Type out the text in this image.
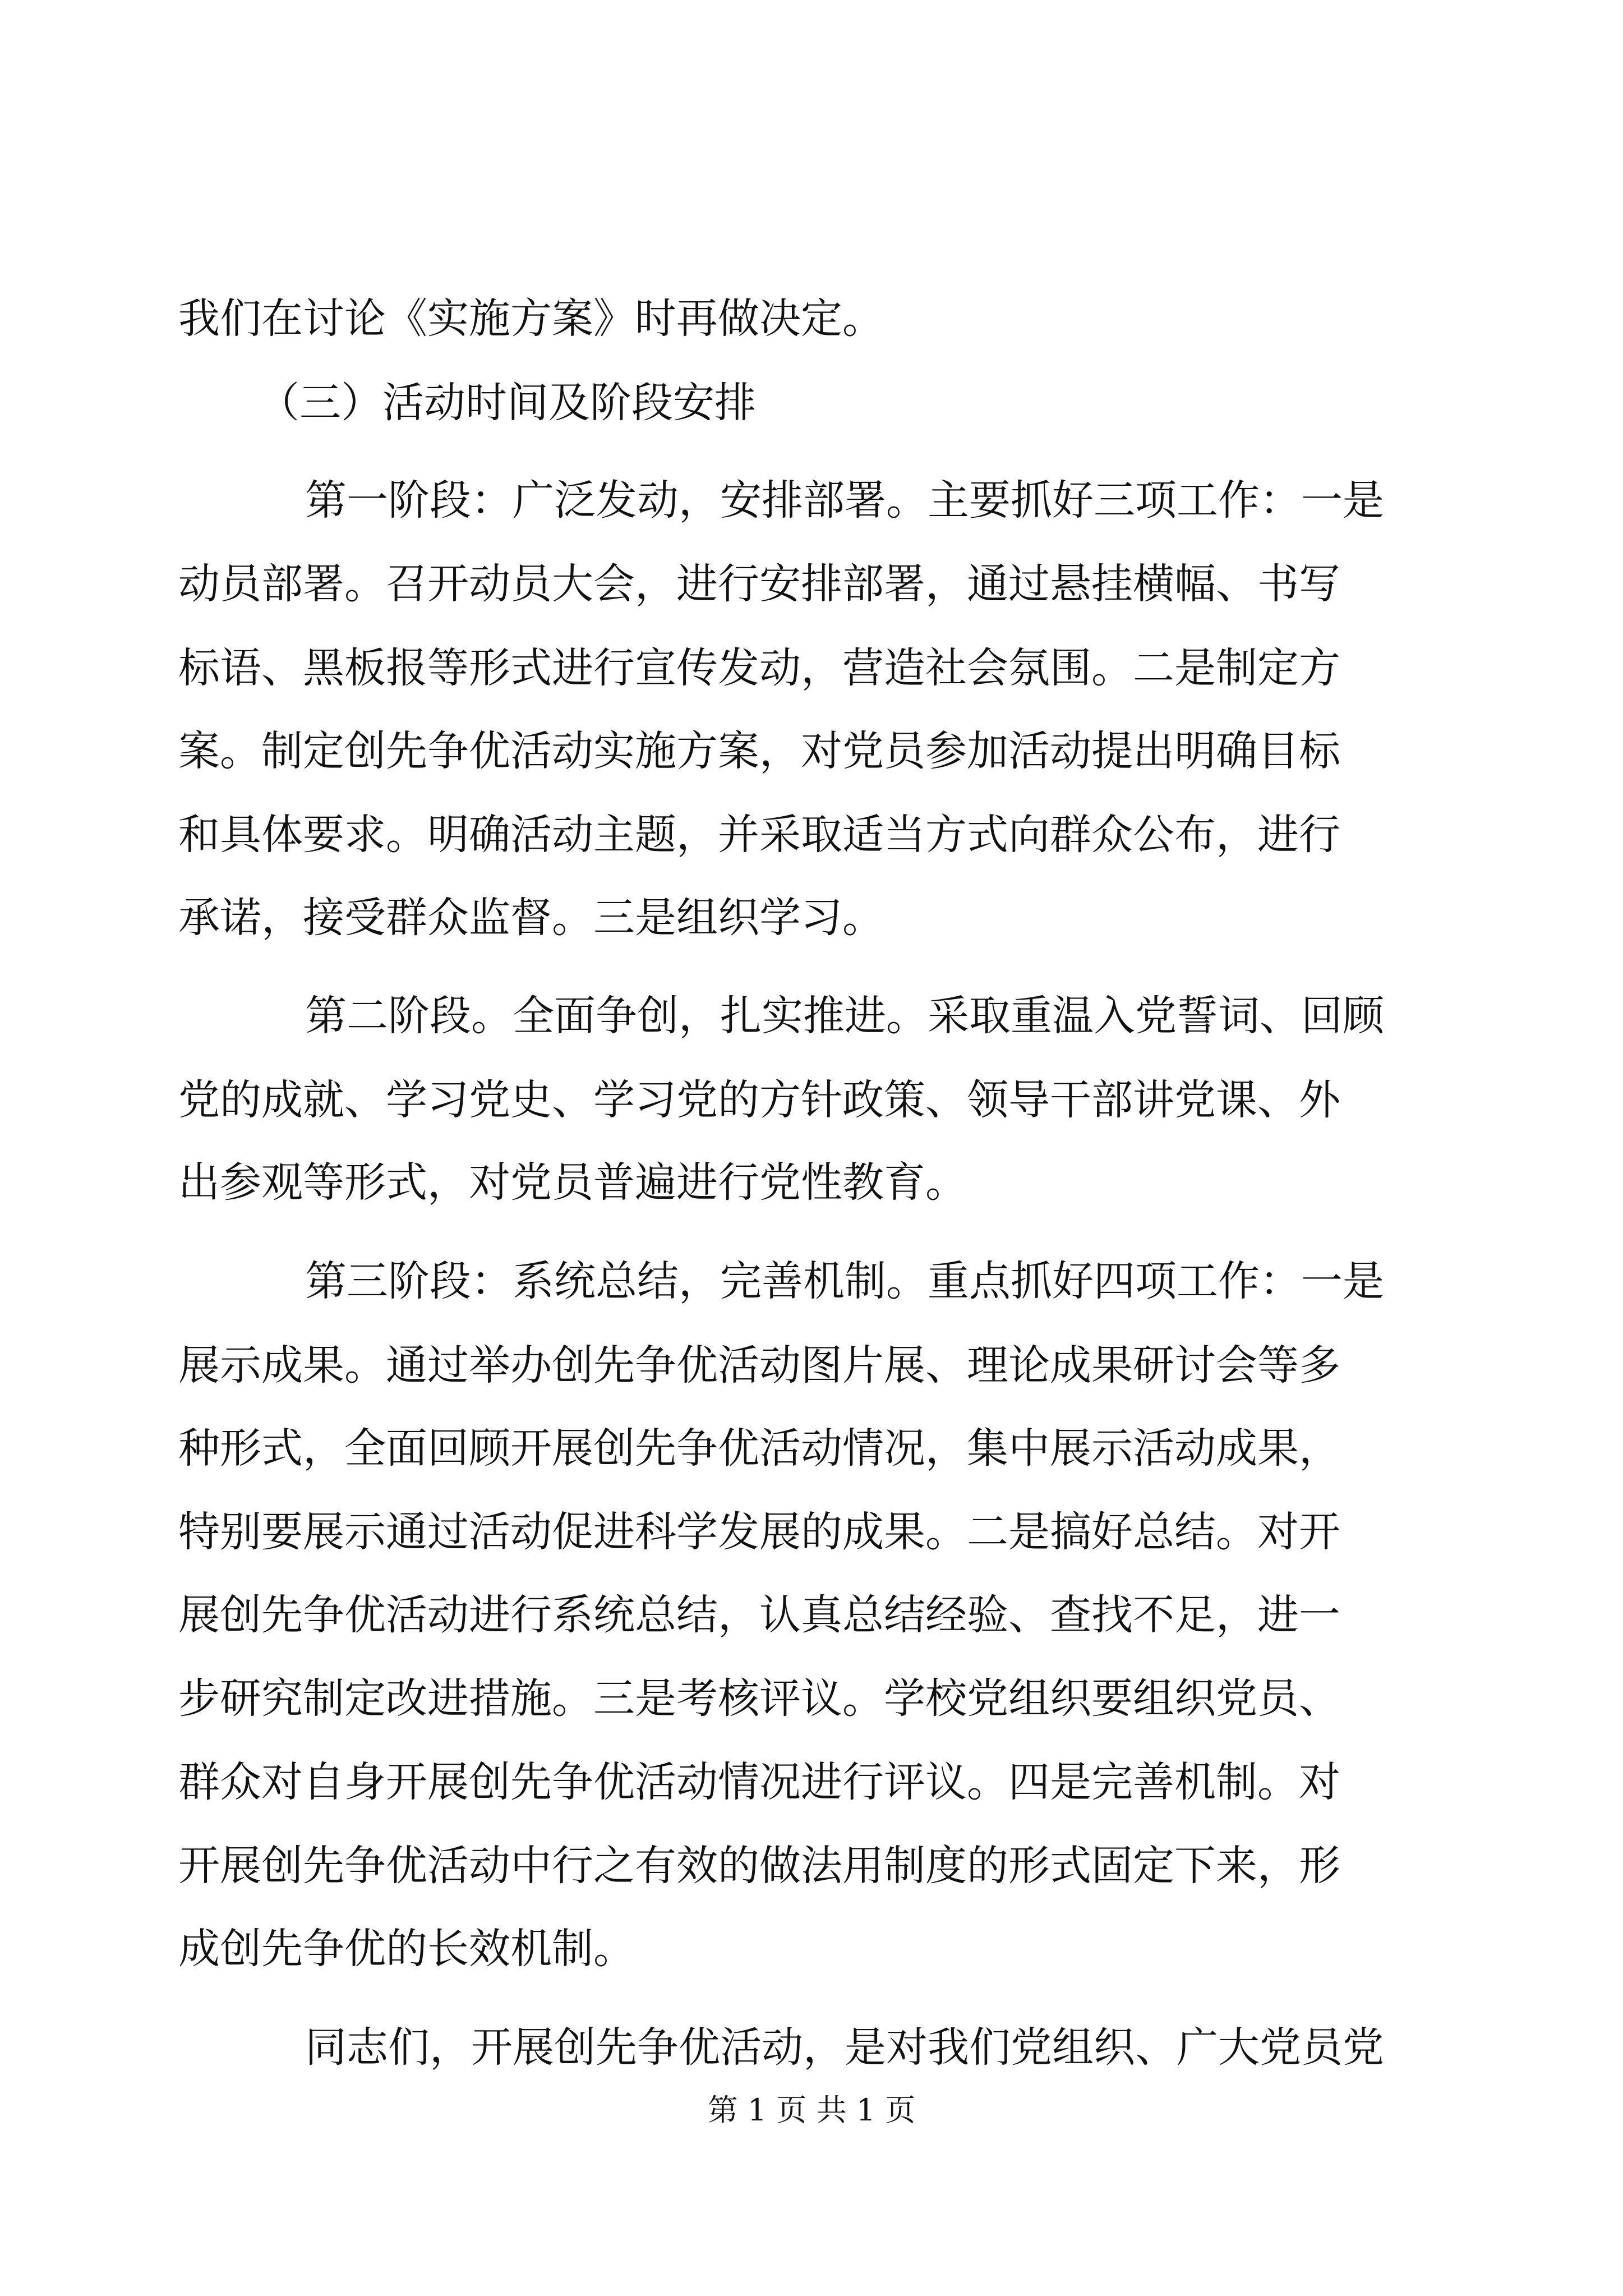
我们在讨论《实施方案》时再做决定。
（三）活动时间及阶段安排
第一阶段：广泛发动，安排部署。主要抓好三项工作：一是
动员部署。召开动员大会，进行安排部署，通过悬挂横幅、书写
标语、黑板报等形式进行宣传发动，营造社会氛围。二是制定方
案。制定创先争优活动实施方案，对党员参加活动提出明确目标
和具体要求。明确活动主题，并采取适当方式向群众公布，进行
承诺，接受群众监督。三是组织学习。
第二阶段。全面争创，扎实推进。采取重温入党誓词、回顾
党的成就、学习党史、学习党的方针政策、领导干部讲党课、外
出参观等形式，对党员普遍进行党性教育。
第三阶段：系统总结，完善机制。重点抓好四项工作：一是
展示成果。通过举办创先争优活动图片展、理论成果研讨会等多
种形式，全面回顾开展创先争优活动情况，集中展示活动成果，
特别要展示通过活动促进科学发展的成果。二是搞好总结。对开
展创先争优活动进行系统总结，认真总结经验、查找不足，进一
步研究制定改进措施。三是考核评议。学校党组织要组织党员、
群众对自身开展创先争优活动情况进行评议。四是完善机制。对
开展创先争优活动中行之有效的做法用制度的形式固定下来，形
成创先争优的长效机制。
同志们，开展创先争优活动，是对我们党组织、广大党员党
第 1 页 共 1 页
